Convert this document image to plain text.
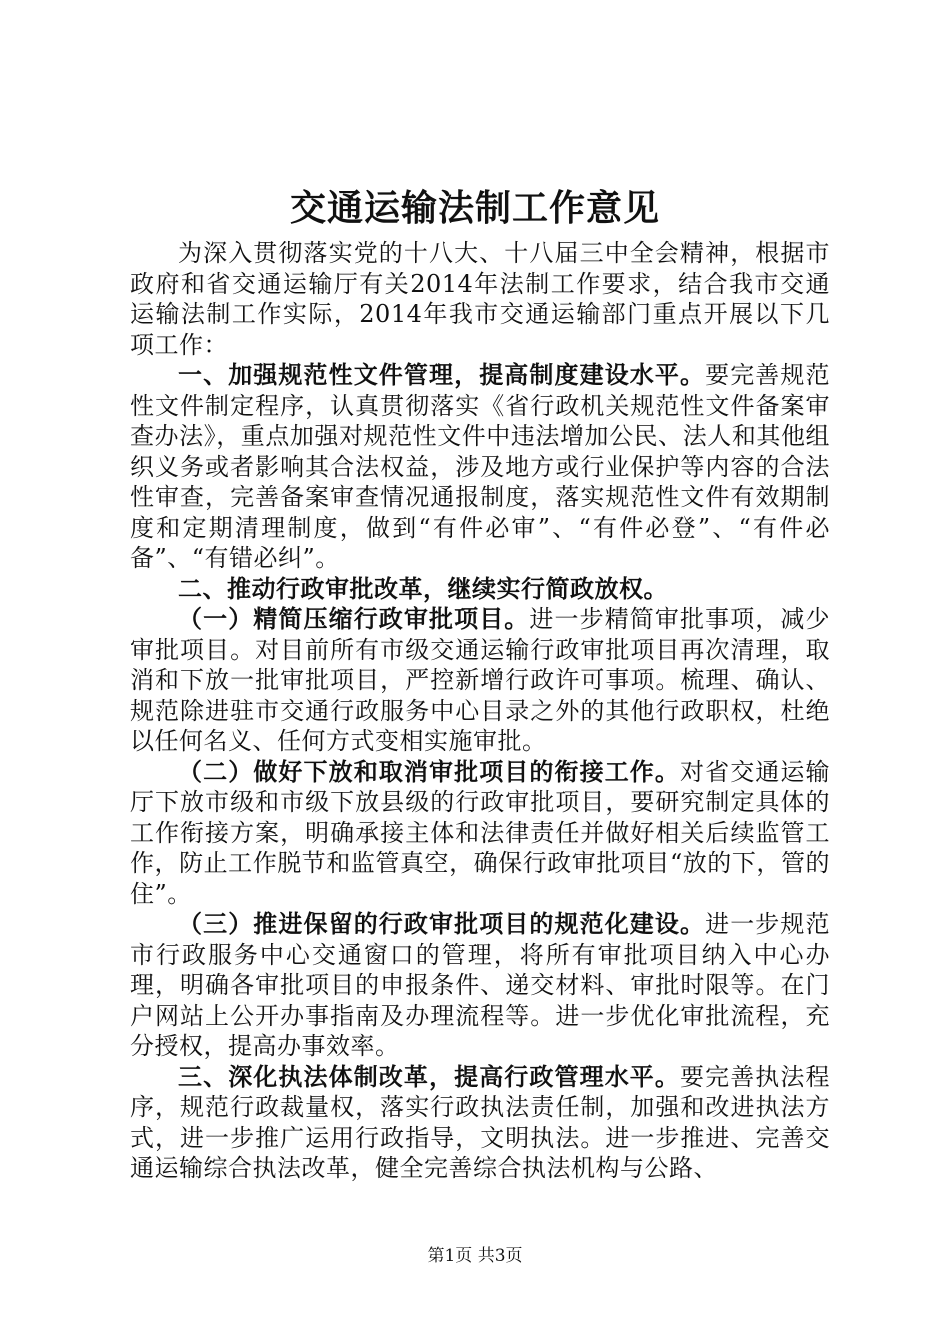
交通运输法制工作意见

为深入贯彻落实党的十八大、十八届三中全会精神，根据市政府和省交通运输厅有关2014年法制工作要求，结合我市交通运输法制工作实际，2014年我市交通运输部门重点开展以下几项工作：

一、加强规范性文件管理，提高制度建设水平。要完善规范性文件制定程序，认真贯彻落实《省行政机关规范性文件备案审查办法》，重点加强对规范性文件中违法增加公民、法人和其他组织义务或者影响其合法权益，涉及地方或行业保护等内容的合法性审查，完善备案审查情况通报制度，落实规范性文件有效期制度和定期清理制度，做到“有件必审”、“有件必登”、“有件必备”、“有错必纠”。

二、推动行政审批改革，继续实行简政放权。

（一）精简压缩行政审批项目。进一步精简审批事项，减少审批项目。对目前所有市级交通运输行政审批项目再次清理，取消和下放一批审批项目，严控新增行政许可事项。梳理、确认、规范除进驻市交通行政服务中心目录之外的其他行政职权，杜绝以任何名义、任何方式变相实施审批。

（二）做好下放和取消审批项目的衔接工作。对省交通运输厅下放市级和市级下放县级的行政审批项目，要研究制定具体的工作衔接方案，明确承接主体和法律责任并做好相关后续监管工作，防止工作脱节和监管真空，确保行政审批项目“放的下，管的住”。

（三）推进保留的行政审批项目的规范化建设。进一步规范市行政服务中心交通窗口的管理，将所有审批项目纳入中心办理，明确各审批项目的申报条件、递交材料、审批时限等。在门户网站上公开办事指南及办理流程等。进一步优化审批流程，充分授权，提高办事效率。

三、深化执法体制改革，提高行政管理水平。要完善执法程序，规范行政裁量权，落实行政执法责任制，加强和改进执法方式，进一步推广运用行政指导，文明执法。进一步推进、完善交通运输综合执法改革，健全完善综合执法机构与公路、

第1页 共3页
